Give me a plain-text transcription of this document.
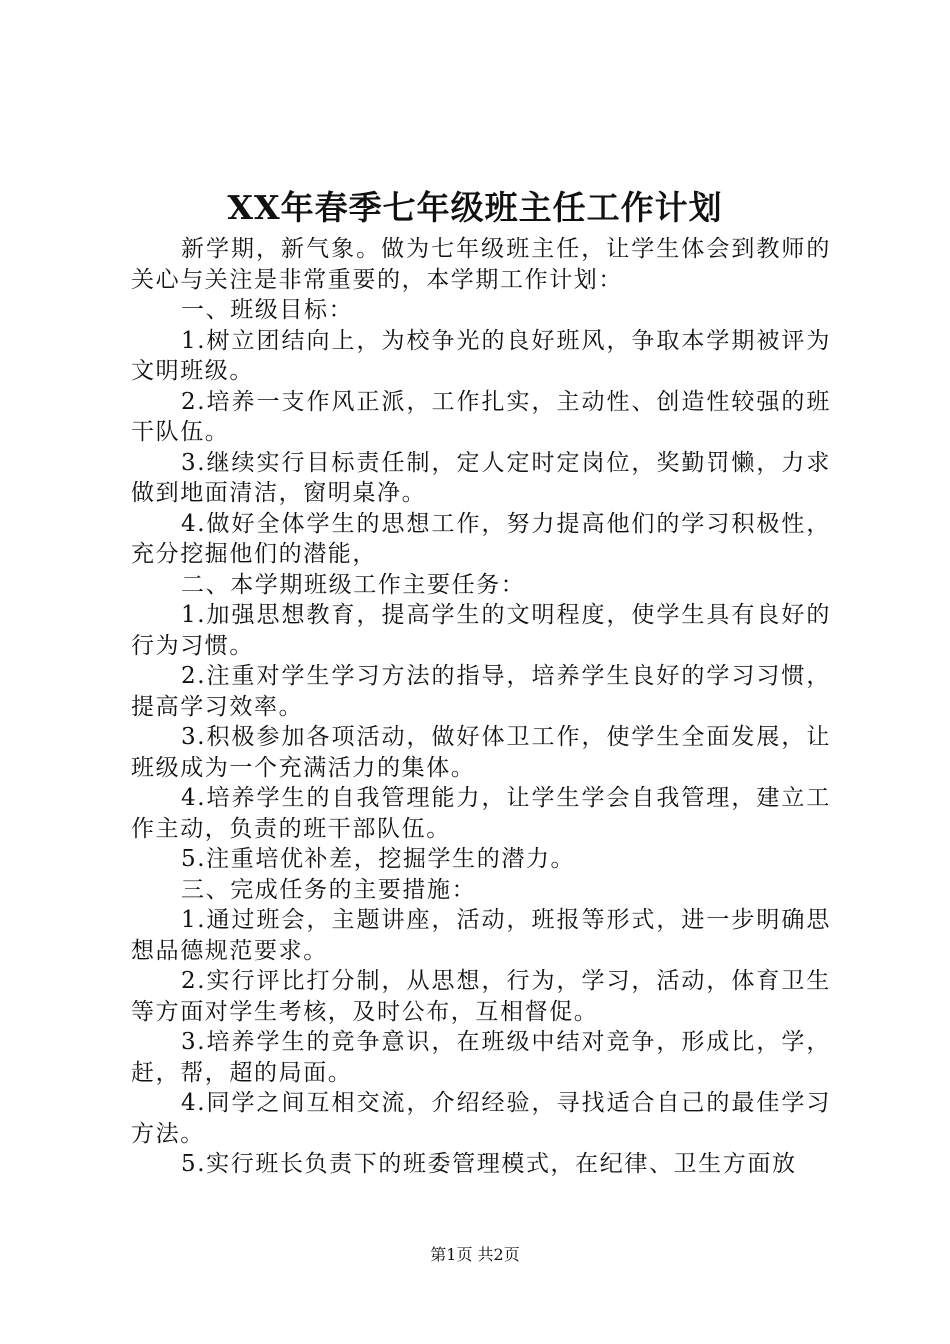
XX年春季七年级班主任工作计划

新学期，新气象。做为七年级班主任，让学生体会到教师的关心与关注是非常重要的，本学期工作计划：

一、班级目标：

1.树立团结向上，为校争光的良好班风，争取本学期被评为文明班级。

2.培养一支作风正派，工作扎实，主动性、创造性较强的班干队伍。

3.继续实行目标责任制，定人定时定岗位，奖勤罚懒，力求做到地面清洁，窗明桌净。

4.做好全体学生的思想工作，努力提高他们的学习积极性，充分挖掘他们的潜能，

二、本学期班级工作主要任务：

1.加强思想教育，提高学生的文明程度，使学生具有良好的行为习惯。

2.注重对学生学习方法的指导，培养学生良好的学习习惯，提高学习效率。

3.积极参加各项活动，做好体卫工作，使学生全面发展，让班级成为一个充满活力的集体。

4.培养学生的自我管理能力，让学生学会自我管理，建立工作主动，负责的班干部队伍。

5.注重培优补差，挖掘学生的潜力。

三、完成任务的主要措施：

1.通过班会，主题讲座，活动，班报等形式，进一步明确思想品德规范要求。

2.实行评比打分制，从思想，行为，学习，活动，体育卫生等方面对学生考核，及时公布，互相督促。

3.培养学生的竞争意识，在班级中结对竞争，形成比，学，赶，帮，超的局面。

4.同学之间互相交流，介绍经验，寻找适合自己的最佳学习方法。

5.实行班长负责下的班委管理模式，在纪律、卫生方面放

第1页 共2页
